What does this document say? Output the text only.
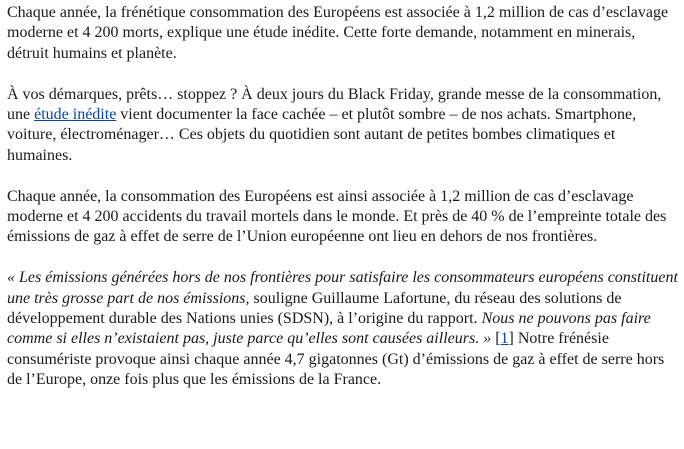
Chaque année, la frénétique consommation des Européens est associée à 1,2 million de cas d’esclavage moderne et 4 200 morts, explique une étude inédite. Cette forte demande, notamment en minerais, détruit humains et planète.

À vos démarques, prêts… stoppez ? À deux jours du Black Friday, grande messe de la consommation, une étude inédite vient documenter la face cachée – et plutôt sombre – de nos achats. Smartphone, voiture, électroménager… Ces objets du quotidien sont autant de petites bombes climatiques et humaines.

Chaque année, la consommation des Européens est ainsi associée à 1,2 million de cas d’esclavage moderne et 4 200 accidents du travail mortels dans le monde. Et près de 40 % de l’empreinte totale des émissions de gaz à effet de serre de l’Union européenne ont lieu en dehors de nos frontières.

« Les émissions générées hors de nos frontières pour satisfaire les consommateurs européens constituent une très grosse part de nos émissions, souligne Guillaume Lafortune, du réseau des solutions de développement durable des Nations unies (SDSN), à l’origine du rapport. Nous ne pouvons pas faire comme si elles n’existaient pas, juste parce qu’elles sont causées ailleurs. » [1] Notre frénésie consumériste provoque ainsi chaque année 4,7 gigatonnes (Gt) d’émissions de gaz à effet de serre hors de l’Europe, onze fois plus que les émissions de la France.
